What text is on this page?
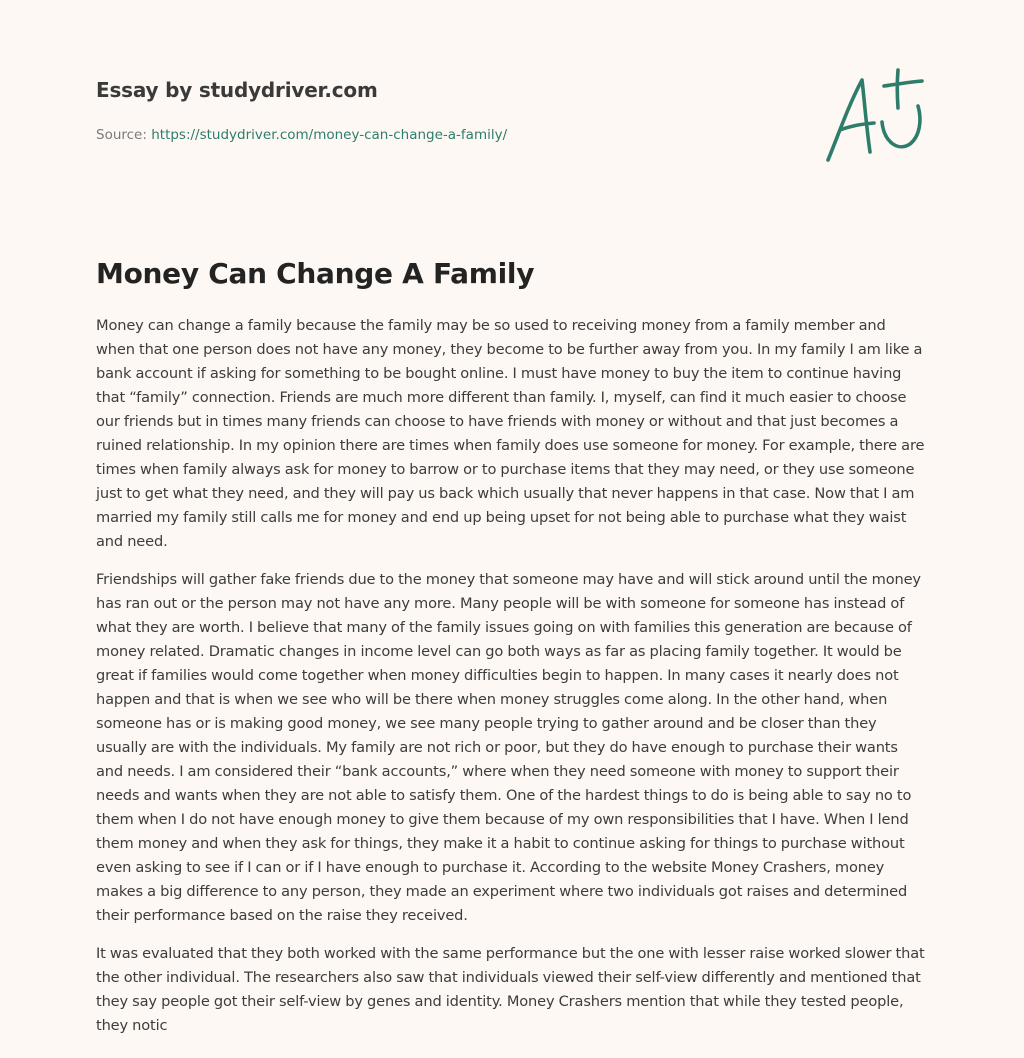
Essay by studydriver.com
Source: https://studydriver.com/money-can-change-a-family/
Money Can Change A Family

Money can change a family because the family may be so used to receiving money from a family member and when that one person does not have any money, they become to be further away from you. In my family I am like a bank account if asking for something to be bought online. I must have money to buy the item to continue having that “family” connection. Friends are much more different than family. I, myself, can find it much easier to choose our friends but in times many friends can choose to have friends with money or without and that just becomes a ruined relationship. In my opinion there are times when family does use someone for money. For example, there are times when family always ask for money to barrow or to purchase items that they may need, or they use someone just to get what they need, and they will pay us back which usually that never happens in that case. Now that I am married my family still calls me for money and end up being upset for not being able to purchase what they waist and need.

Friendships will gather fake friends due to the money that someone may have and will stick around until the money has ran out or the person may not have any more. Many people will be with someone for someone has instead of what they are worth. I believe that many of the family issues going on with families this generation are because of money related. Dramatic changes in income level can go both ways as far as placing family together. It would be great if families would come together when money difficulties begin to happen. In many cases it nearly does not happen and that is when we see who will be there when money struggles come along. In the other hand, when someone has or is making good money, we see many people trying to gather around and be closer than they usually are with the individuals. My family are not rich or poor, but they do have enough to purchase their wants and needs. I am considered their “bank accounts,” where when they need someone with money to support their needs and wants when they are not able to satisfy them. One of the hardest things to do is being able to say no to them when I do not have enough money to give them because of my own responsibilities that I have. When I lend them money and when they ask for things, they make it a habit to continue asking for things to purchase without even asking to see if I can or if I have enough to purchase it. According to the website Money Crashers, money makes a big difference to any person, they made an experiment where two individuals got raises and determined their performance based on the raise they received.

It was evaluated that they both worked with the same performance but the one with lesser raise worked slower that the other individual. The researchers also saw that individuals viewed their self-view differently and mentioned that they say people got their self-view by genes and identity. Money Crashers mention that while they tested people, they notic
